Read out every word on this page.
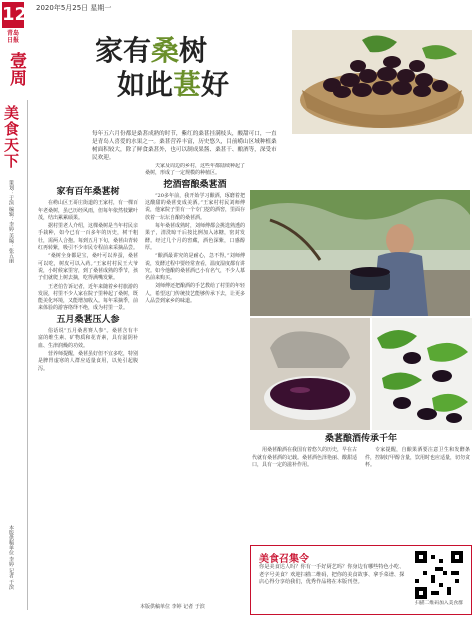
12 2020年5月25日 星期一
青岛
日报
壹周
美食天下
策划：于滨 编辑：李婷 美编：张五丽
本版供稿单位 李婷 记者 于滨
家有桑树
如此葚好
每年五六月份都是桑葚成熟的时节，紫红的桑葚挂满枝头，酸甜可口，一直是青岛人喜爱的水果之一。桑葚营养丰富，历史悠久，目前崂山区域种植桑树面积较大，除了鲜食桑葚外，也可以制成果酱、桑葚干、酿酒等，深受市民欢迎。
家有百年桑葚树

在崂山区王哥庄街道的王家村，有一棵百年老桑树，虽已历经风雨，但每年依然枝繁叶茂，结出累累硕果。

据村里老人介绍，这棵桑树是当年村民亲手栽种，如今已有一百多年的历史，树干粗壮，需两人合抱。每到五月下旬，桑葚由青转红再转紫，吸引不少市民专程前来采摘品尝。

“桑树全身都是宝，桑叶可以养蚕，桑葚可以吃，树皮可以入药。”王家村村民王大爷说，小时候家里穷，到了桑葚成熟的季节，孩子们就爬上树去摘，吃得满嘴发紫。

王老伯告诉记者，近年来随着乡村旅游的发展，村里不少人家在院子里种起了桑树，既能美化环境，又能增加收入。每年采摘季，前来体验的游客络绎不绝，成为村里一景。

五月桑葚压人参

俗话说“五月桑葚赛人参”。桑葚含有丰富的维生素、矿物质和花青素，具有滋阴补血、生津润燥的功效。

营养师提醒，桑葚虽好但不宜多吃，特别是脾胃虚寒的人群应适量食用，以免引起腹泻。

夫家及周边的乡村，这些年都陆续种起了桑树，形成了一定规模的种植区。

挖酒窖酿桑葚酒

“20多年前，我开始学习酿酒，琢磨着把这酸甜的桑葚变成美酒。”王家村村民刘师傅说，他家院子里有一个专门挖的酒窖，里面存放着一坛坛自酿的桑葚酒。

每年桑葚成熟时，刘师傅都会挑选熟透的果子，清洗晾干后按比例加入冰糖，密封发酵。经过几个月的窖藏，酒色深紫，口感醇厚。

“酿酒最讲究的是耐心，急不得。”刘师傅说，发酵过程中要经常查看，温度湿度都有讲究。如今他酿的桑葚酒已小有名气，不少人慕名前来购买。

刘师傅还把酿酒的手艺教给了村里的年轻人，希望这门传统技艺能够传承下去，让更多人品尝到家乡的味道。

桑葚酿酒传承千年

用桑葚酿酒在我国有着悠久的历史，早在古代就有桑葚酒的记载。桑葚酒色泽艳丽、酸甜适口，具有一定的滋补作用。

专家提醒，自酿果酒要注意卫生和发酵条件，控制好甲醇含量，饮用时也应适量，切勿贪杯。

本版供稿单位 李婷 记者 于滨
美食召集令
你是美食达人吗？你有一手好厨艺吗？你身边有哪些特色小吃、老字号美食？欢迎扫描二维码，把你的美食故事、拿手菜谱、探店心得分享给我们，优秀作品将在本版刊登。
扫描二维码加入美食群
